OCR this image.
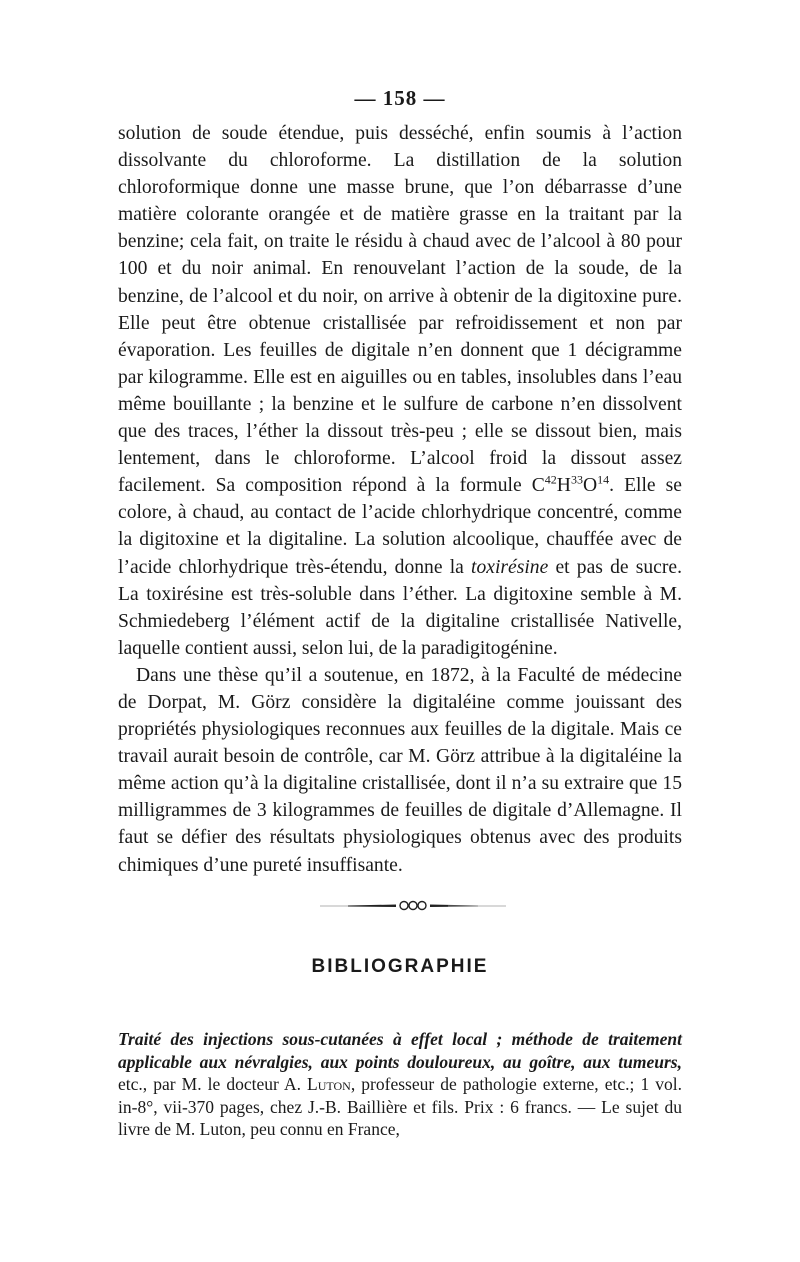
— 158 —

solution de soude étendue, puis desséché, enfin soumis à l’action dissolvante du chloroforme. La distillation de la solution chloroformique donne une masse brune, que l’on débarrasse d’une matière colorante orangée et de matière grasse en la traitant par la benzine; cela fait, on traite le résidu à chaud avec de l’alcool à 80 pour 100 et du noir animal. En renouvelant l’action de la soude, de la benzine, de l’alcool et du noir, on arrive à obtenir de la digitoxine pure. Elle peut être obtenue cristallisée par refroidissement et non par évaporation. Les feuilles de digitale n’en donnent que 1 décigramme par kilogramme. Elle est en aiguilles ou en tables, insolubles dans l’eau même bouillante ; la benzine et le sulfure de carbone n’en dissolvent que des traces, l’éther la dissout très-peu ; elle se dissout bien, mais lentement, dans le chloroforme. L’alcool froid la dissout assez facilement. Sa composition répond à la formule $C^{42}H^{33}O^{14}$. Elle se colore, à chaud, au contact de l’acide chlorhydrique concentré, comme la digitoxine et la digitaline. La solution alcoolique, chauffée avec de l’acide chlorhydrique très-étendu, donne la toxirésine et pas de sucre. La toxirésine est très-soluble dans l’éther. La digitoxine semble à M. Schmiedeberg l’élément actif de la digitaline cristallisée Nativelle, laquelle contient aussi, selon lui, de la paradigitogénine.

Dans une thèse qu’il a soutenue, en 1872, à la Faculté de médecine de Dorpat, M. Görz considère la digitaléine comme jouissant des propriétés physiologiques reconnues aux feuilles de la digitale. Mais ce travail aurait besoin de contrôle, car M. Görz attribue à la digitaléine la même action qu’à la digitaline cristallisée, dont il n’a su extraire que 15 milligrammes de 3 kilogrammes de feuilles de digitale d’Allemagne. Il faut se défier des résultats physiologiques obtenus avec des produits chimiques d’une pureté insuffisante.

BIBLIOGRAPHIE
Traité des injections sous-cutanées à effet local ; méthode de traitement applicable aux névralgies, aux points douloureux, au goître, aux tumeurs, etc., par M. le docteur A. Luton, professeur de pathologie externe, etc.; 1 vol. in-8°, vii-370 pages, chez J.-B. Baillière et fils. Prix : 6 francs. — Le sujet du livre de M. Luton, peu connu en France,
